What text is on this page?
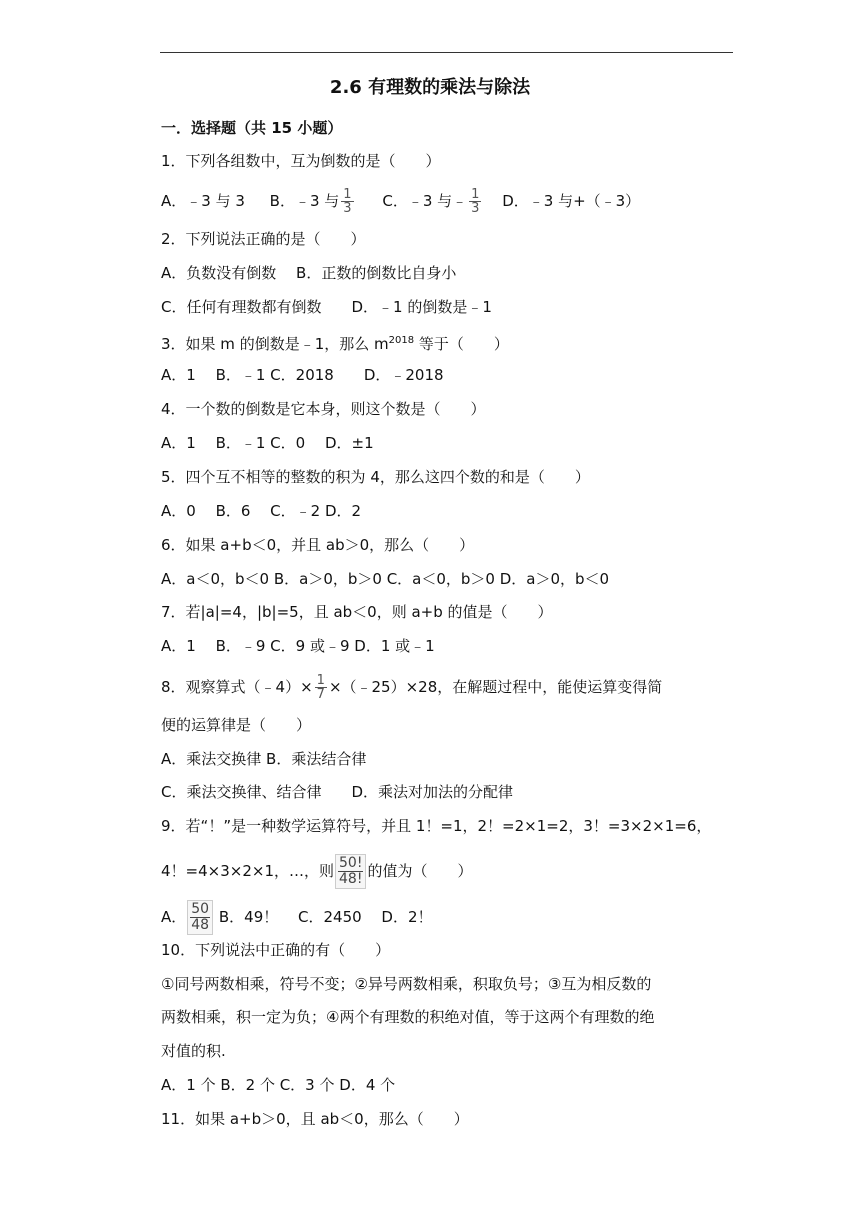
2.6 有理数的乘法与除法
一．选择题（共 15 小题）
1．下列各组数中，互为倒数的是（　　）
A．﹣3 与 3 B．﹣3 与 $\frac{1}{3}$ C．﹣3 与﹣ $\frac{1}{3}$ D．﹣3 与+（﹣3）
2．下列说法正确的是（　　）
A．负数没有倒数　 B．正数的倒数比自身小
C．任何有理数都有倒数　　D．﹣1 的倒数是﹣1
3．如果 m 的倒数是﹣1，那么 $m^{2018}$ 等于（　　）
A．1　 B．﹣1 C．2018　　D．﹣2018
4．一个数的倒数是它本身，则这个数是（　　）
A．1　 B．﹣1 C．0　 D．±1
5．四个互不相等的整数的积为 4，那么这四个数的和是（　　）
A．0　 B．6　 C．﹣2 D．2
6．如果 a+b＜0，并且 ab＞0，那么（　　）
A．a＜0，b＜0 B．a＞0，b＞0 C．a＜0，b＞0 D．a＞0，b＜0
7．若|a|=4，|b|=5，且 ab＜0，则 a+b 的值是（　　）
A．1　 B．﹣9 C．9 或﹣9 D．1 或﹣1
8．观察算式（﹣4）× $\frac{1}{7}$ ×（﹣25）×28，在解题过程中，能使运算变得简
便的运算律是（　　）
A．乘法交换律 B．乘法结合律
C．乘法交换律、结合律　　D．乘法对加法的分配律
9．若“！”是一种数学运算符号，并且 1！=1，2！=2×1=2，3！=3×2×1=6，
4！=4×3×2×1，…，则 $\frac{50!}{48!}$ 的值为（　　）
A． $\frac{50}{48}$ B．49！　 C．2450　 D．2！
10．下列说法中正确的有（　　）
①同号两数相乘，符号不变；②异号两数相乘，积取负号；③互为相反数的
两数相乘，积一定为负；④两个有理数的积绝对值，等于这两个有理数的绝
对值的积.
A．1 个 B．2 个 C．3 个 D．4 个
11．如果 a+b＞0，且 ab＜0，那么（　　）
